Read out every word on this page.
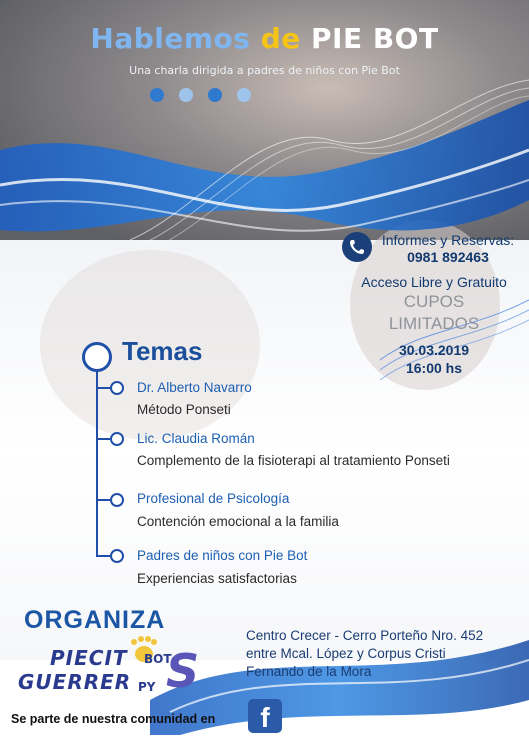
Hablemos de PIE BOT
Una charla dirigida a padres de niños con Pie Bot
Informes y Reservas:
0981 892463
Acceso Libre y Gratuito
CUPOS
LIMITADOS
30.03.2019
16:00 hs
Temas
Dr. Alberto Navarro
Método Ponseti
Lic. Claudia Román
Complemento de la fisioterapi al tratamiento Ponseti
Profesional de Psicología
Contención emocional a la familia
Padres de niños con Pie Bot
Experiencias satisfactorias
ORGANIZA
PIECIT
GUERRER
BOT
PY S
Centro Crecer - Cerro Porteño Nro. 452
entre Mcal. López y Corpus Cristi
Fernando de la Mora
Se parte de nuestra comunidad en	f
